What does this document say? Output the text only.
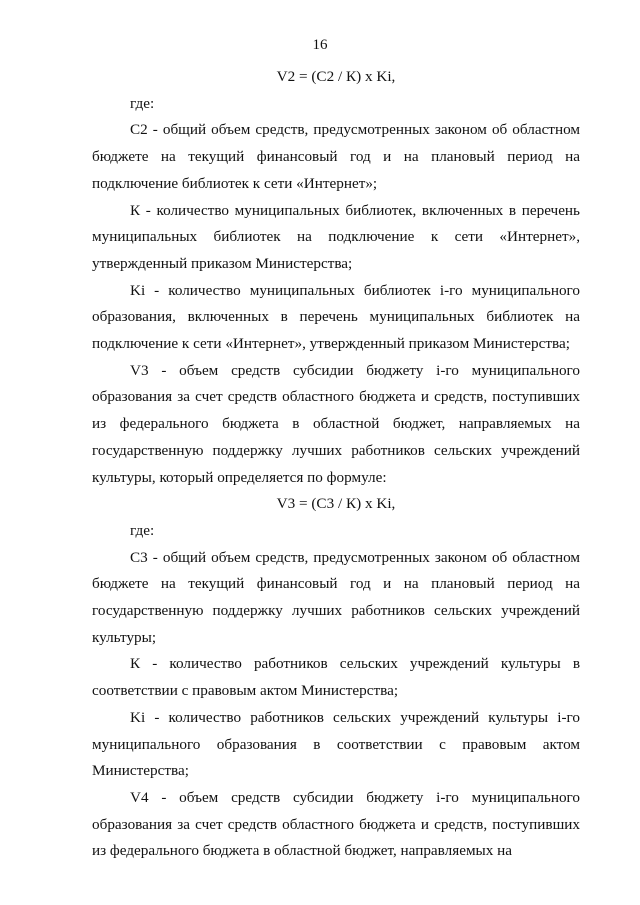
16

V2 = (C2 / К) х Ki,

где:

С2 - общий объем средств, предусмотренных законом об областном бюджете на текущий финансовый год и на плановый период на подключение библиотек к сети «Интернет»;

К - количество муниципальных библиотек, включенных в перечень муниципальных библиотек на подключение к сети «Интернет», утвержденный приказом Министерства;

Ki - количество муниципальных библиотек i-го муниципального образования, включенных в перечень муниципальных библиотек на подключение к сети «Интернет», утвержденный приказом Министерства;

V3 - объем средств субсидии бюджету i-го муниципального образования за счет средств областного бюджета и средств, поступивших из федерального бюджета в областной бюджет, направляемых на государственную поддержку лучших работников сельских учреждений культуры, который определяется по формуле:

V3 = (C3 / К) х Ki,

где:

С3 - общий объем средств, предусмотренных законом об областном бюджете на текущий финансовый год и на плановый период на государственную поддержку лучших работников сельских учреждений культуры;

К - количество работников сельских учреждений культуры в соответствии с правовым актом Министерства;

Ki - количество работников сельских учреждений культуры i-го муниципального образования в соответствии с правовым актом Министерства;

V4 - объем средств субсидии бюджету i-го муниципального образования за счет средств областного бюджета и средств, поступивших из федерального бюджета в областной бюджет, направляемых на
